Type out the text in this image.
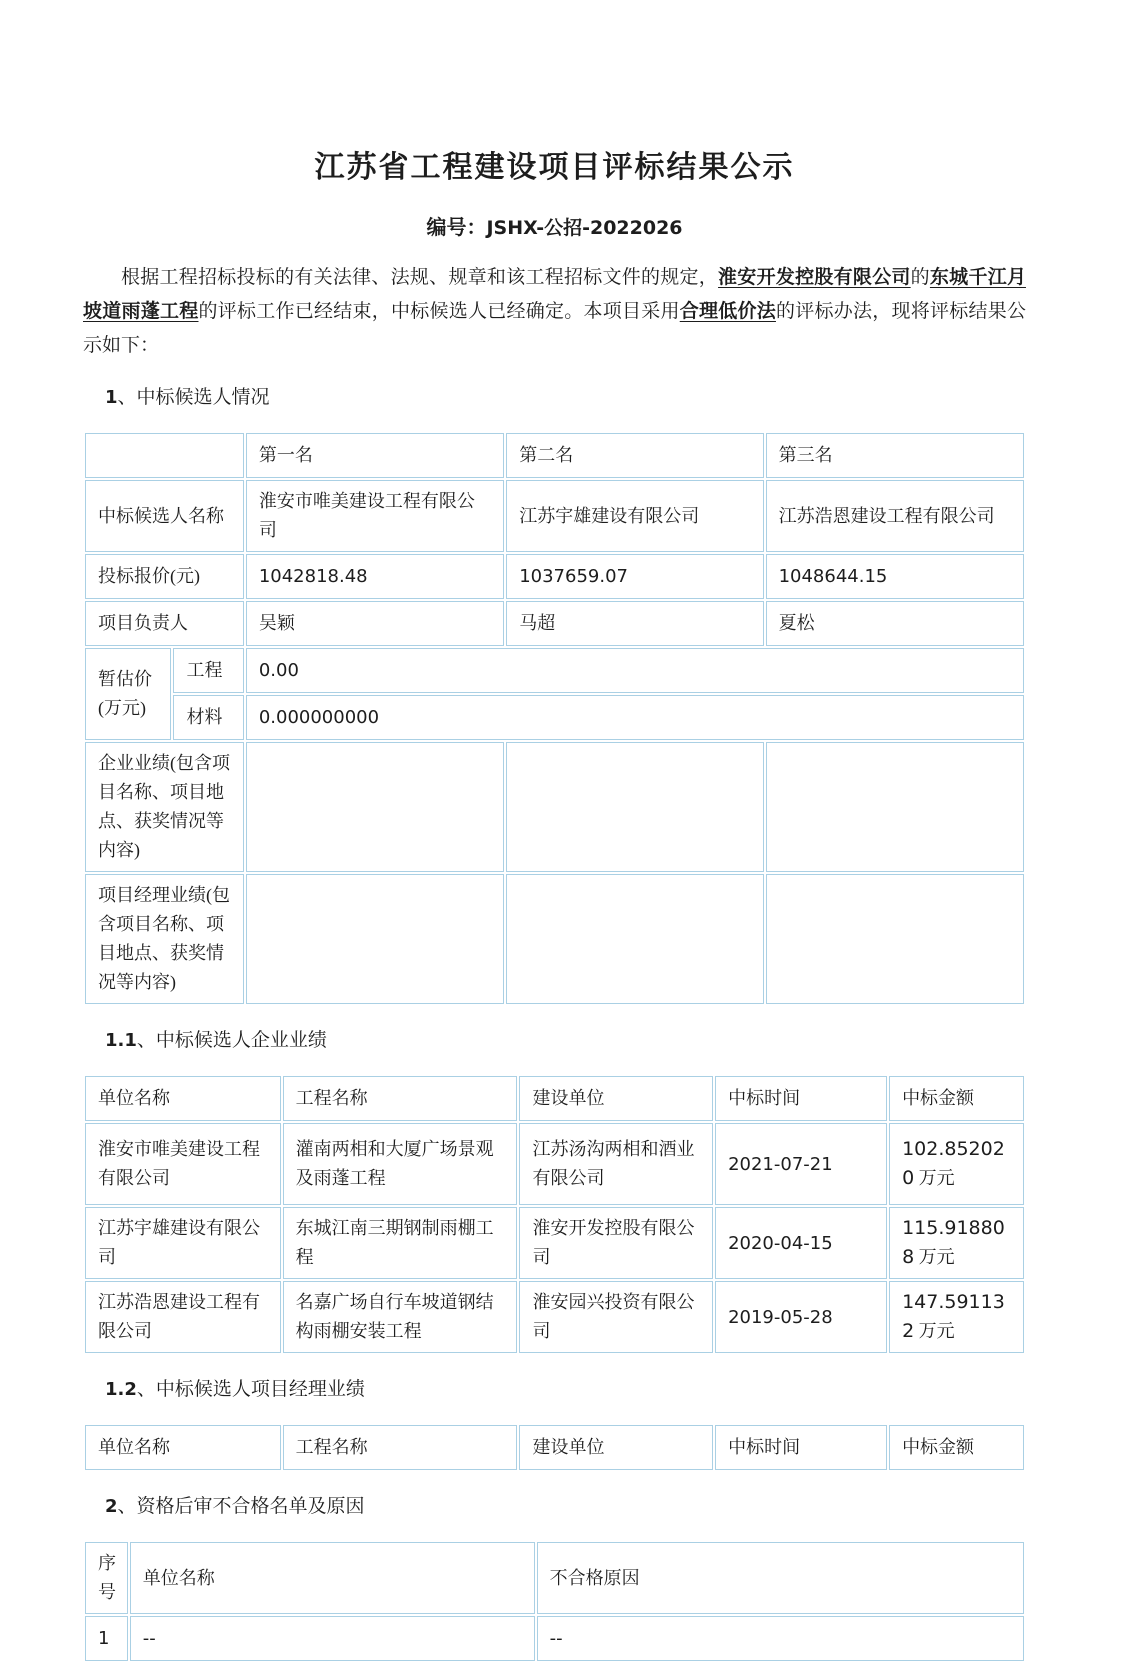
江苏省工程建设项目评标结果公示
编号：JSHX-公招-2022026

根据工程招标投标的有关法律、法规、规章和该工程招标文件的规定，淮安开发控股有限公司的东城千江月坡道雨蓬工程的评标工作已经结束，中标候选人已经确定。本项目采用合理低价法的评标办法，现将评标结果公示如下：

1、中标候选人情况
		第一名	第二名	第三名
中标候选人名称		淮安市唯美建设工程有限公司	江苏宇雄建设有限公司	江苏浩恩建设工程有限公司
投标报价(元)		1042818.48	1037659.07	1048644.15
项目负责人		吴颖	马超	夏松
暂估价(万元)	工程	0.00		
	材料	0.000000000		
企业业绩(包含项目名称、项目地点、获奖情况等内容)				
项目经理业绩(包含项目名称、项目地点、获奖情况等内容)				
1.1、中标候选人企业业绩
单位名称	工程名称	建设单位	中标时间	中标金额
淮安市唯美建设工程有限公司	灌南两相和大厦广场景观及雨蓬工程	江苏汤沟两相和酒业有限公司	2021-07-21	102.852020 万元
江苏宇雄建设有限公司	东城江南三期钢制雨棚工程	淮安开发控股有限公司	2020-04-15	115.918808 万元
江苏浩恩建设工程有限公司	名嘉广场自行车坡道钢结构雨棚安装工程	淮安园兴投资有限公司	2019-05-28	147.591132 万元
1.2、中标候选人项目经理业绩
单位名称	工程名称	建设单位	中标时间	中标金额
2、资格后审不合格名单及原因
序号	单位名称	不合格原因
1	--	--
